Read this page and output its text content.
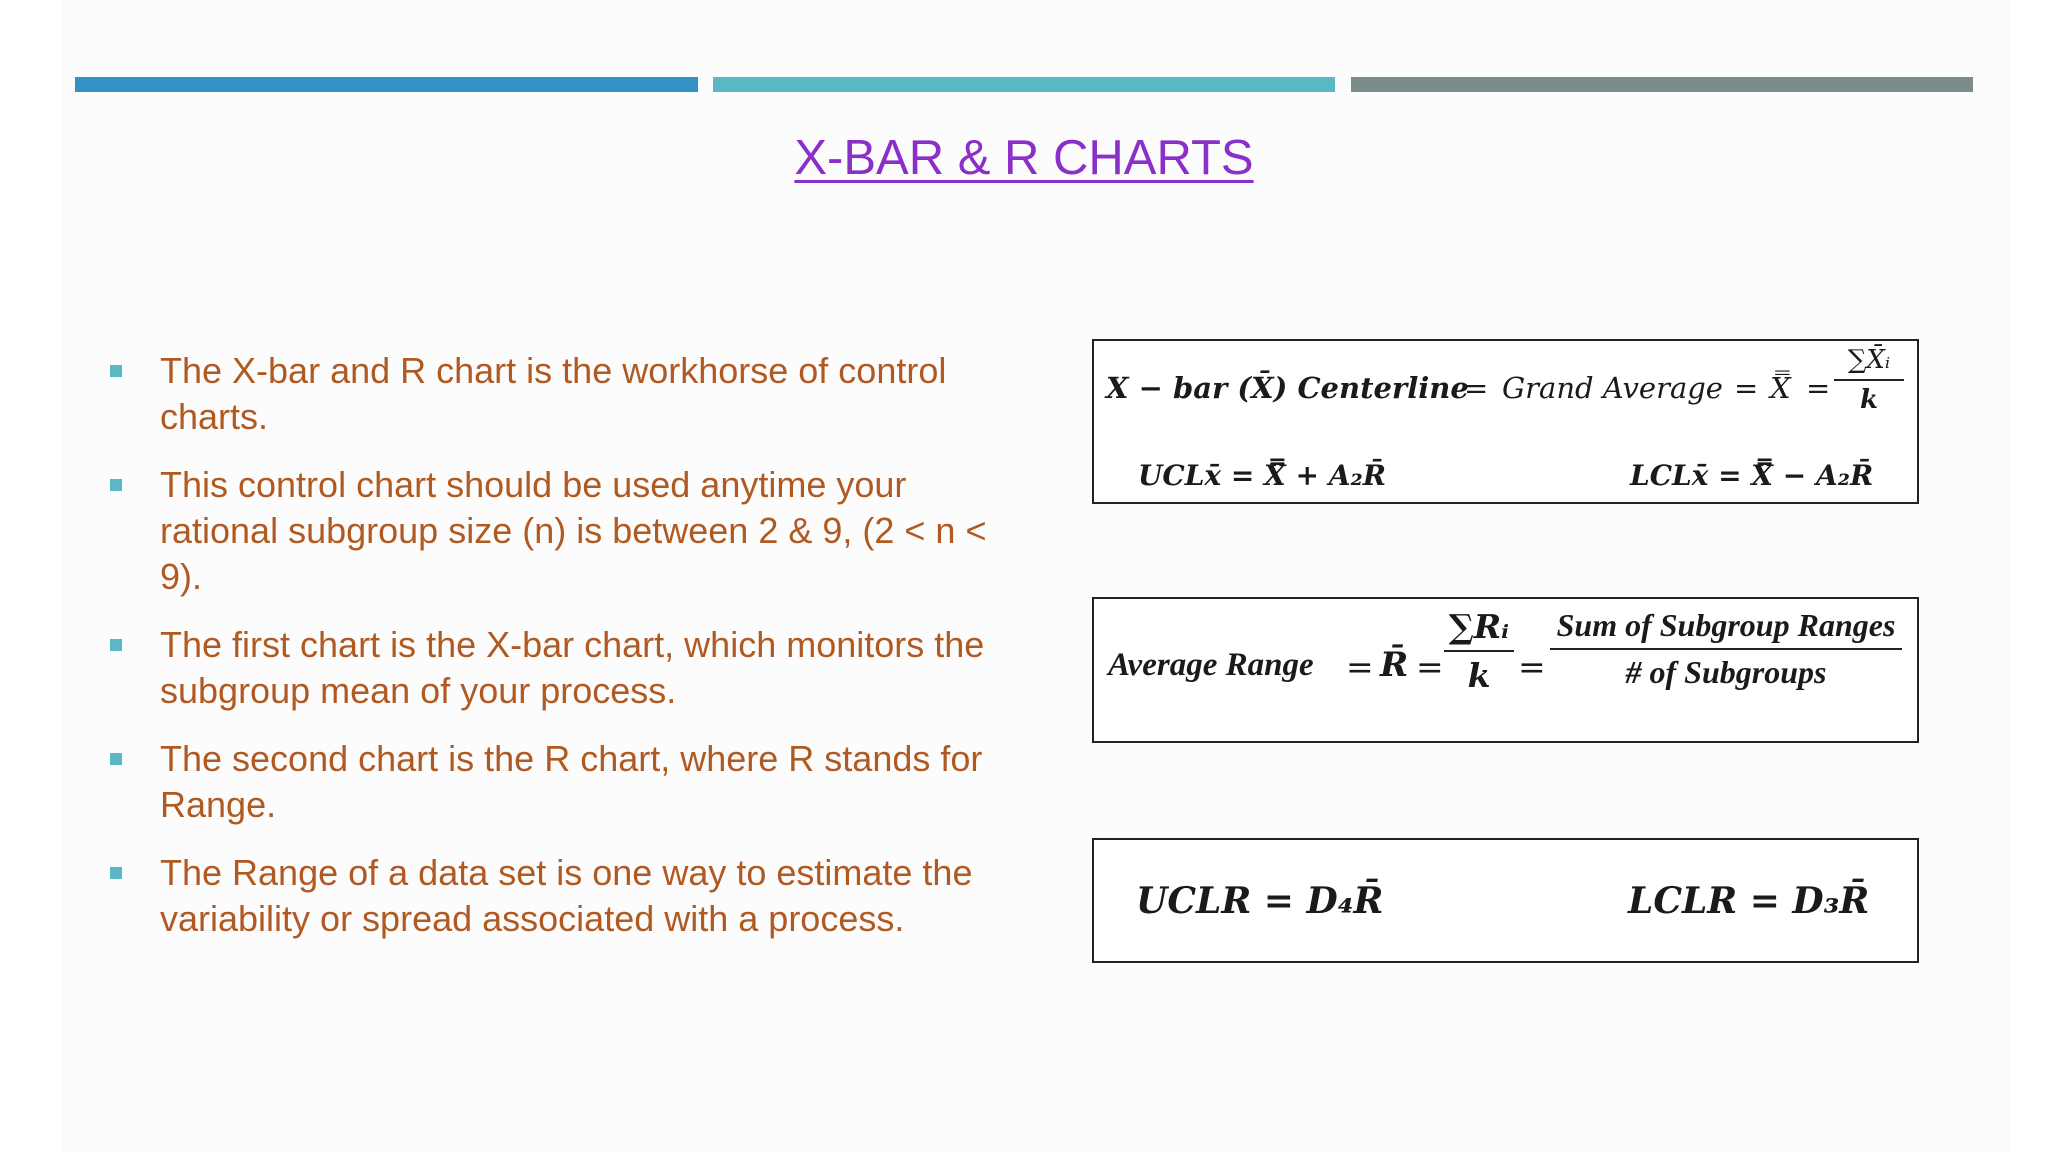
X-BAR & R CHARTS
The X-bar and R chart is the workhorse of control charts.
This control chart should be used anytime your rational subgroup size (n) is between 2 & 9, (2 < n < 9).
The first chart is the X-bar chart, which monitors the subgroup mean of your process.
The second chart is the R chart, where R stands for Range.
The Range of a data set is one way to estimate the variability or spread associated with a process.
X − bar (X̄) Centerline
= Grand Average = X̿ =
∑X̄ᵢ
k
UCLx̄ = X̿ + A₂R̄	LCLx̄ = X̿ − A₂R̄
Average Range = R̄ =
∑Rᵢ
k =
Sum of Subgroup Ranges
# of Subgroups
UCLR = D₄R̄	LCLR = D₃R̄
